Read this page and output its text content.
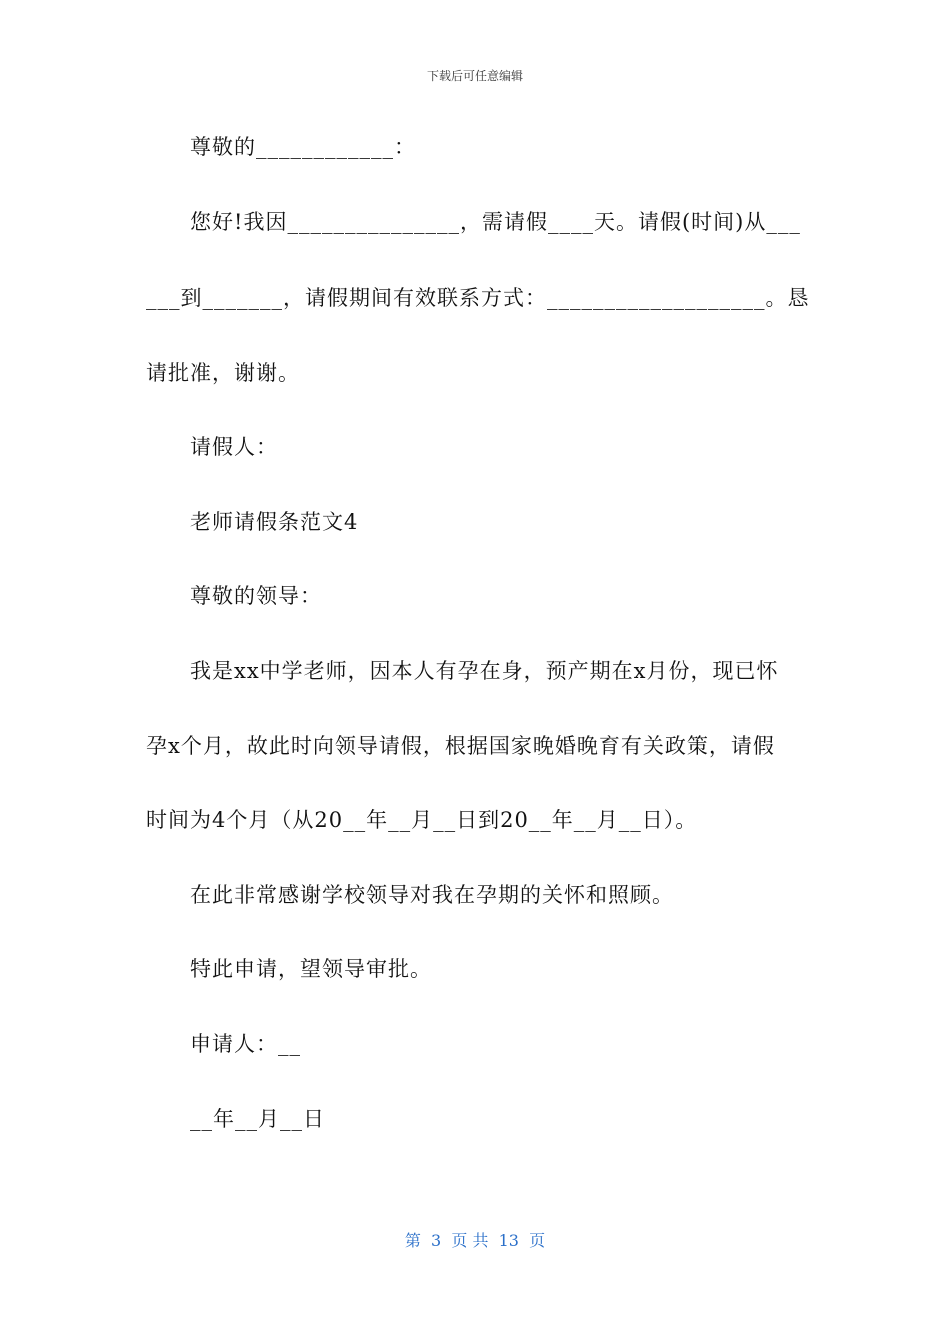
下载后可任意编辑
尊敬的____________：
您好!我因_______________，需请假____天。请假(时间)从___
___到_______，请假期间有效联系方式：___________________。恳
请批准，谢谢。
请假人：
老师请假条范文4
尊敬的领导：
我是xx中学老师，因本人有孕在身，预产期在x月份，现已怀
孕x个月，故此时向领导请假，根据国家晚婚晚育有关政策，请假
时间为4个月（从20__年__月__日到20__年__月__日）。
在此非常感谢学校领导对我在孕期的关怀和照顾。
特此申请，望领导审批。
申请人：__
__年__月__日
第  3  页 共  13  页
